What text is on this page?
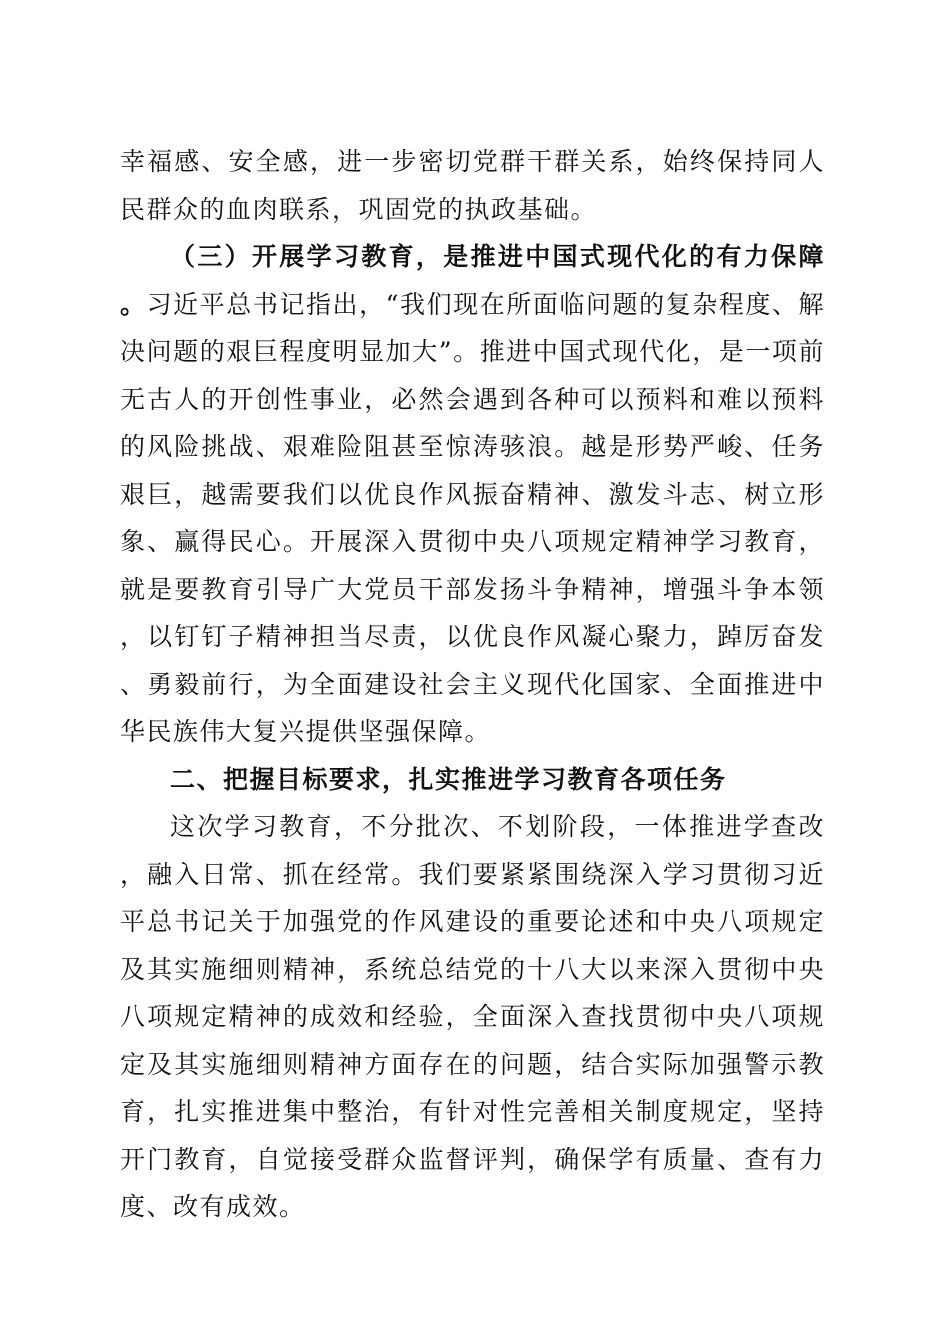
幸福感、安全感，进一步密切党群干群关系，始终保持同人民群众的血肉联系，巩固党的执政基础。

（三）开展学习教育，是推进中国式现代化的有力保障。习近平总书记指出，“我们现在所面临问题的复杂程度、解决问题的艰巨程度明显加大”。推进中国式现代化，是一项前无古人的开创性事业，必然会遇到各种可以预料和难以预料的风险挑战、艰难险阻甚至惊涛骇浪。越是形势严峻、任务艰巨，越需要我们以优良作风振奋精神、激发斗志、树立形象、赢得民心。开展深入贯彻中央八项规定精神学习教育，就是要教育引导广大党员干部发扬斗争精神，增强斗争本领，以钉钉子精神担当尽责，以优良作风凝心聚力，踔厉奋发、勇毅前行，为全面建设社会主义现代化国家、全面推进中华民族伟大复兴提供坚强保障。

二、把握目标要求，扎实推进学习教育各项任务

这次学习教育，不分批次、不划阶段，一体推进学查改，融入日常、抓在经常。我们要紧紧围绕深入学习贯彻习近平总书记关于加强党的作风建设的重要论述和中央八项规定及其实施细则精神，系统总结党的十八大以来深入贯彻中央八项规定精神的成效和经验，全面深入查找贯彻中央八项规定及其实施细则精神方面存在的问题，结合实际加强警示教育，扎实推进集中整治，有针对性完善相关制度规定，坚持开门教育，自觉接受群众监督评判，确保学有质量、查有力度、改有成效。
